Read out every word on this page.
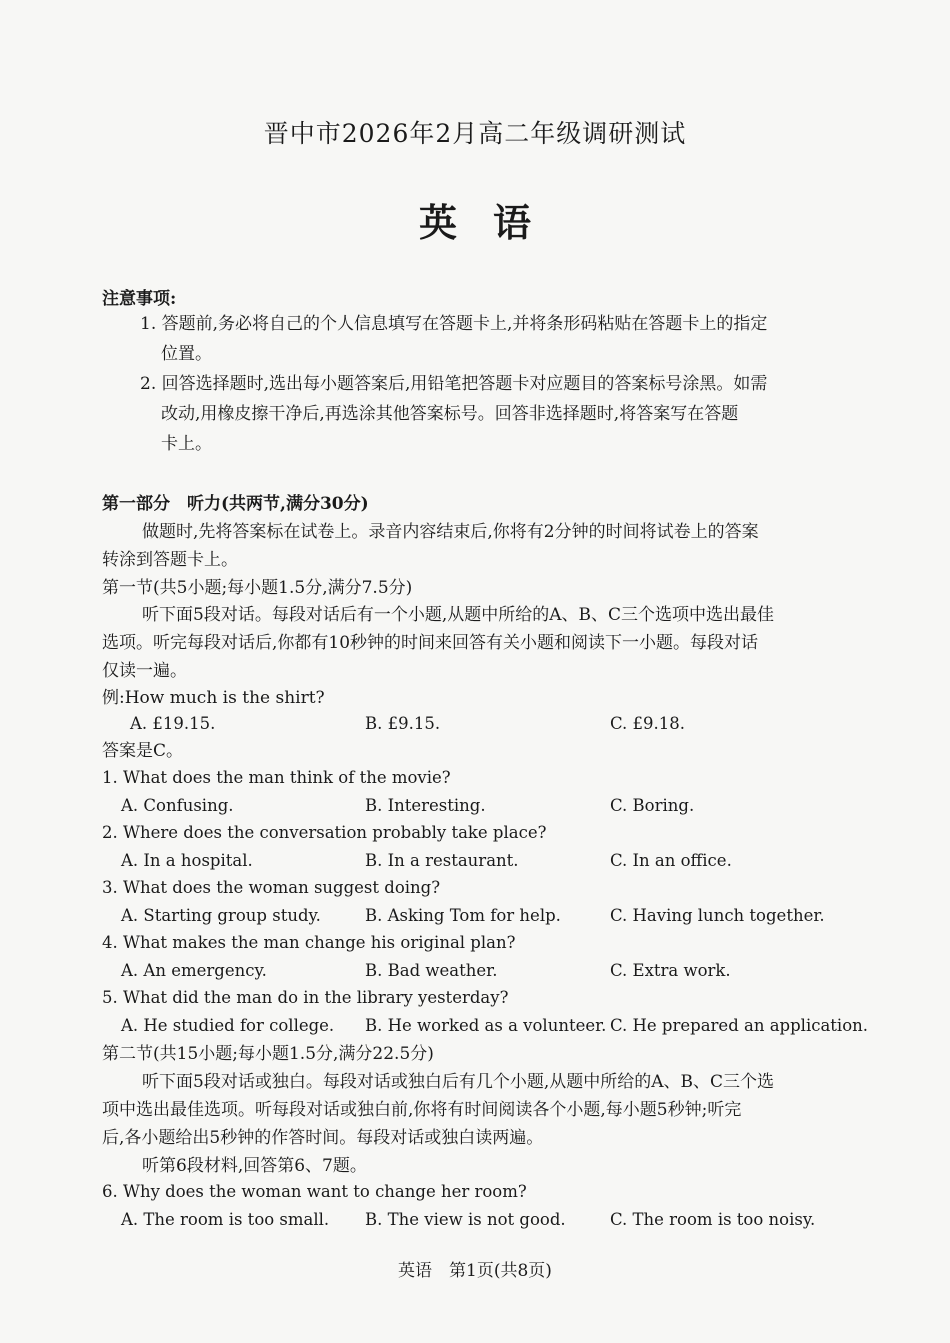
晋中市2026年2月高二年级调研测试
英语
注意事项:
1. 答题前,务必将自己的个人信息填写在答题卡上,并将条形码粘贴在答题卡上的指定
位置。
2. 回答选择题时,选出每小题答案后,用铅笔把答题卡对应题目的答案标号涂黑。如需
改动,用橡皮擦干净后,再选涂其他答案标号。回答非选择题时,将答案写在答题
卡上。
第一部分　听力(共两节,满分30分)
做题时,先将答案标在试卷上。录音内容结束后,你将有2分钟的时间将试卷上的答案
转涂到答题卡上。
第一节(共5小题;每小题1.5分,满分7.5分)
听下面5段对话。每段对话后有一个小题,从题中所给的A、B、C三个选项中选出最佳
选项。听完每段对话后,你都有10秒钟的时间来回答有关小题和阅读下一小题。每段对话
仅读一遍。
例:How much is the shirt?
A. £19.15.	B. £9.15.	C. £9.18.
答案是C。
1. What does the man think of the movie?
A. Confusing.	B. Interesting.	C. Boring.
2. Where does the conversation probably take place?
A. In a hospital.	B. In a restaurant.	C. In an office.
3. What does the woman suggest doing?
A. Starting group study.	B. Asking Tom for help.	C. Having lunch together.
4. What makes the man change his original plan?
A. An emergency.	B. Bad weather.	C. Extra work.
5. What did the man do in the library yesterday?
A. He studied for college. B. He worked as a volunteer. C. He prepared an application.
第二节(共15小题;每小题1.5分,满分22.5分)
听下面5段对话或独白。每段对话或独白后有几个小题,从题中所给的A、B、C三个选
项中选出最佳选项。听每段对话或独白前,你将有时间阅读各个小题,每小题5秒钟;听完
后,各小题给出5秒钟的作答时间。每段对话或独白读两遍。
听第6段材料,回答第6、7题。
6. Why does the woman want to change her room?
A. The room is too small. B. The view is not good.	C. The room is too noisy.
英语　第1页(共8页)
